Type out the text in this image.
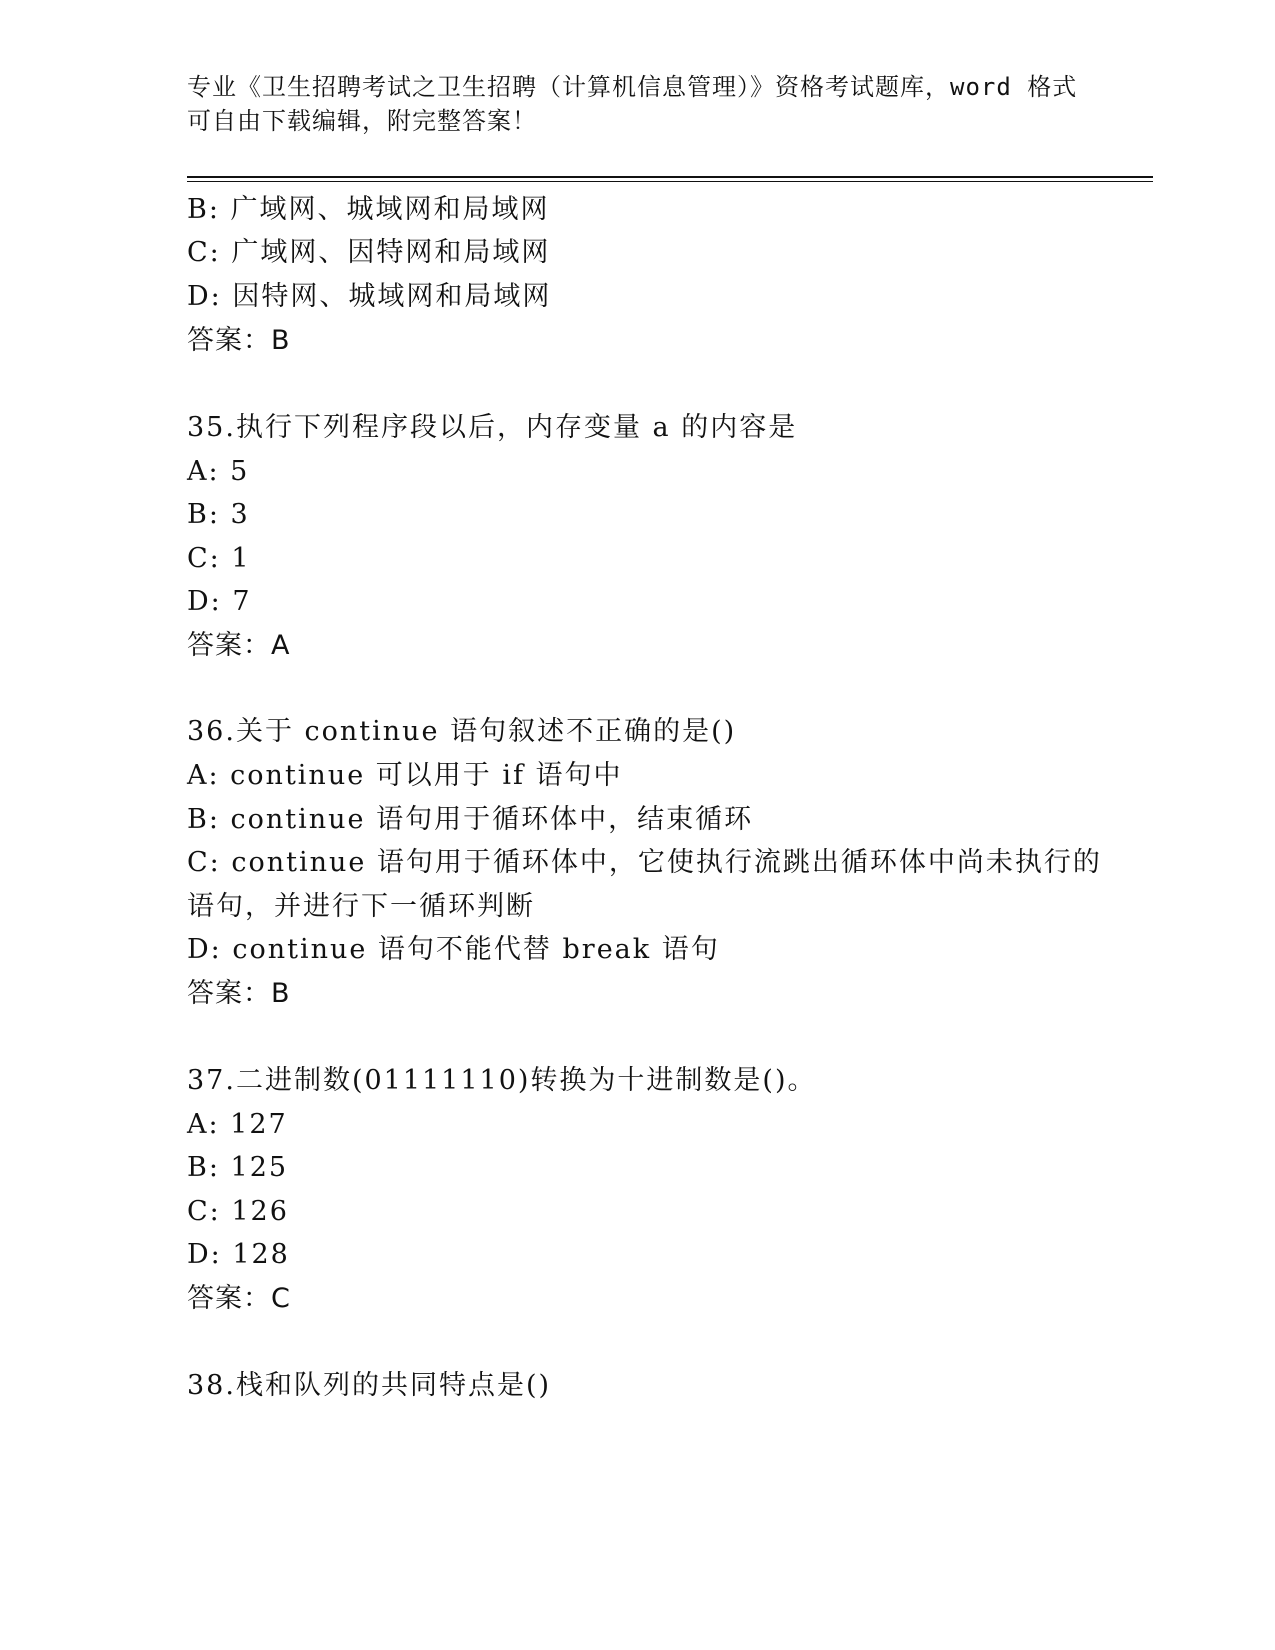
专业《卫生招聘考试之卫生招聘（计算机信息管理）》资格考试题库，word 格式
可自由下载编辑，附完整答案！
B: 广域网、城域网和局域网
C: 广域网、因特网和局域网
D: 因特网、城域网和局域网
答案：B
35.执行下列程序段以后，内存变量 a 的内容是
A: 5
B: 3
C: 1
D: 7
答案：A
36.关于 continue 语句叙述不正确的是()
A: continue 可以用于 if 语句中
B: continue 语句用于循环体中，结束循环
C: continue 语句用于循环体中，它使执行流跳出循环体中尚未执行的
语句，并进行下一循环判断
D: continue 语句不能代替 break 语句
答案：B
37.二进制数(01111110)转换为十进制数是()。
A: 127
B: 125
C: 126
D: 128
答案：C
38.栈和队列的共同特点是()
